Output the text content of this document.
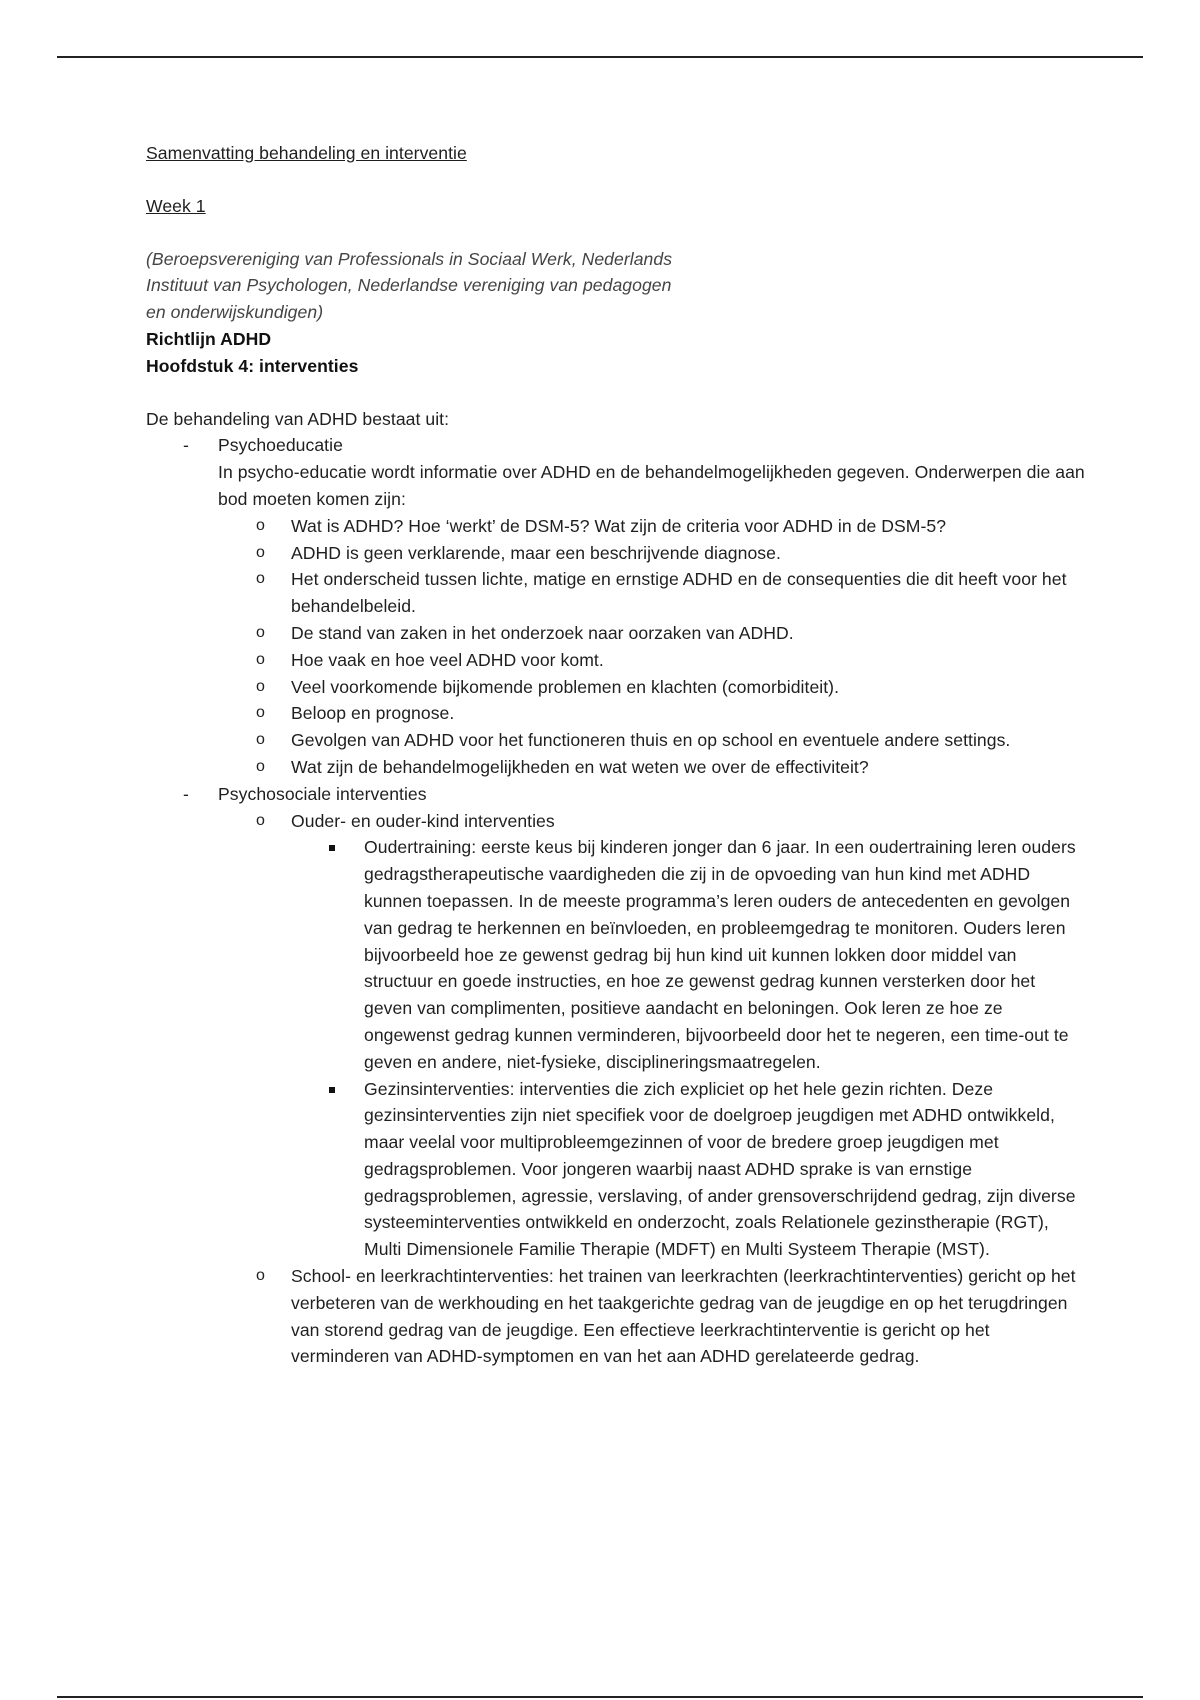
Samenvatting behandeling en interventie
Week 1
(Beroepsvereniging van Professionals in Sociaal Werk, Nederlands
Instituut van Psychologen, Nederlandse vereniging van pedagogen
en onderwijskundigen)
Richtlijn ADHD
Hoofdstuk 4: interventies
De behandeling van ADHD bestaat uit:
- Psychoeducatie
In psycho-educatie wordt informatie over ADHD en de behandelmogelijkheden gegeven. Onderwerpen die aan bod moeten komen zijn:
o Wat is ADHD? Hoe ‘werkt’ de DSM-5? Wat zijn de criteria voor ADHD in de DSM-5?
o ADHD is geen verklarende, maar een beschrijvende diagnose.
o Het onderscheid tussen lichte, matige en ernstige ADHD en de consequenties die dit heeft voor het behandelbeleid.
o De stand van zaken in het onderzoek naar oorzaken van ADHD.
o Hoe vaak en hoe veel ADHD voor komt.
o Veel voorkomende bijkomende problemen en klachten (comorbiditeit).
o Beloop en prognose.
o Gevolgen van ADHD voor het functioneren thuis en op school en eventuele andere settings.
o Wat zijn de behandelmogelijkheden en wat weten we over de effectiviteit?
- Psychosociale interventies
o Ouder- en ouder-kind interventies
Oudertraining: eerste keus bij kinderen jonger dan 6 jaar. In een oudertraining leren ouders gedragstherapeutische vaardigheden die zij in de opvoeding van hun kind met ADHD kunnen toepassen. In de meeste programma’s leren ouders de antecedenten en gevolgen van gedrag te herkennen en beïnvloeden, en probleemgedrag te monitoren. Ouders leren bijvoorbeeld hoe ze gewenst gedrag bij hun kind uit kunnen lokken door middel van structuur en goede instructies, en hoe ze gewenst gedrag kunnen versterken door het geven van complimenten, positieve aandacht en beloningen. Ook leren ze hoe ze ongewenst gedrag kunnen verminderen, bijvoorbeeld door het te negeren, een time-out te geven en andere, niet-fysieke, disciplineringsmaatregelen.
Gezinsinterventies: interventies die zich expliciet op het hele gezin richten. Deze gezinsinterventies zijn niet specifiek voor de doelgroep jeugdigen met ADHD ontwikkeld, maar veelal voor multiprobleemgezinnen of voor de bredere groep jeugdigen met gedragsproblemen. Voor jongeren waarbij naast ADHD sprake is van ernstige gedragsproblemen, agressie, verslaving, of ander grensoverschrijdend gedrag, zijn diverse systeeminterventies ontwikkeld en onderzocht, zoals Relationele gezinstherapie (RGT), Multi Dimensionele Familie Therapie (MDFT) en Multi Systeem Therapie (MST).
o School- en leerkrachtinterventies: het trainen van leerkrachten (leerkrachtinterventies) gericht op het verbeteren van de werkhouding en het taakgerichte gedrag van de jeugdige en op het terugdringen van storend gedrag van de jeugdige. Een effectieve leerkrachtinterventie is gericht op het verminderen van ADHD-symptomen en van het aan ADHD gerelateerde gedrag.
